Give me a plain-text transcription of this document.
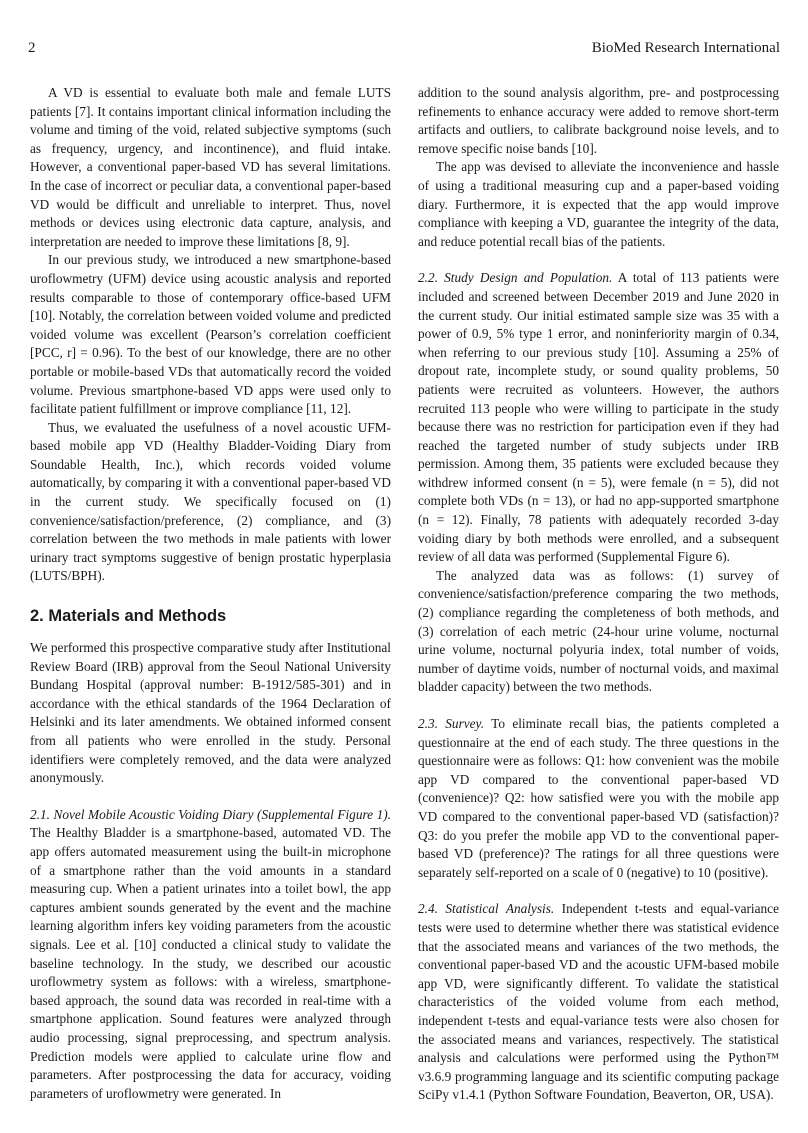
2	BioMed Research International

A VD is essential to evaluate both male and female LUTS patients [7]. It contains important clinical information including the volume and timing of the void, related subjective symptoms (such as frequency, urgency, and incontinence), and fluid intake. However, a conventional paper-based VD has several limitations. In the case of incorrect or peculiar data, a conventional paper-based VD would be difficult and unreliable to interpret. Thus, novel methods or devices using electronic data capture, analysis, and interpretation are needed to improve these limitations [8, 9].

In our previous study, we introduced a new smartphone-based uroflowmetry (UFM) device using acoustic analysis and reported results comparable to those of contemporary office-based UFM [10]. Notably, the correlation between voided volume and predicted voided volume was excellent (Pearson’s correlation coefficient [PCC, r] = 0.96). To the best of our knowledge, there are no other portable or mobile-based VDs that automatically record the voided volume. Previous smartphone-based VD apps were used only to facilitate patient fulfillment or improve compliance [11, 12].

Thus, we evaluated the usefulness of a novel acoustic UFM-based mobile app VD (Healthy Bladder-Voiding Diary from Soundable Health, Inc.), which records voided volume automatically, by comparing it with a conventional paper-based VD in the current study. We specifically focused on (1) convenience/satisfaction/preference, (2) compliance, and (3) correlation between the two methods in male patients with lower urinary tract symptoms suggestive of benign prostatic hyperplasia (LUTS/BPH).

2. Materials and Methods

We performed this prospective comparative study after Institutional Review Board (IRB) approval from the Seoul National University Bundang Hospital (approval number: B-1912/585-301) and in accordance with the ethical standards of the 1964 Declaration of Helsinki and its later amendments. We obtained informed consent from all patients who were enrolled in the study. Personal identifiers were completely removed, and the data were analyzed anonymously.

2.1. Novel Mobile Acoustic Voiding Diary (Supplemental Figure 1). The Healthy Bladder is a smartphone-based, automated VD. The app offers automated measurement using the built-in microphone of a smartphone rather than the void amounts in a standard measuring cup. When a patient urinates into a toilet bowl, the app captures ambient sounds generated by the event and the machine learning algorithm infers key voiding parameters from the acoustic signals. Lee et al. [10] conducted a clinical study to validate the baseline technology. In the study, we described our acoustic uroflowmetry system as follows: with a wireless, smartphone-based approach, the sound data was recorded in real-time with a smartphone application. Sound features were analyzed through audio processing, signal preprocessing, and spectrum analysis. Prediction models were applied to calculate urine flow and parameters. After postprocessing the data for accuracy, voiding parameters of uroflowmetry were generated. In

addition to the sound analysis algorithm, pre- and postprocessing refinements to enhance accuracy were added to remove short-term artifacts and outliers, to calibrate background noise levels, and to remove specific noise bands [10].

The app was devised to alleviate the inconvenience and hassle of using a traditional measuring cup and a paper-based voiding diary. Furthermore, it is expected that the app would improve compliance with keeping a VD, guarantee the integrity of the data, and reduce potential recall bias of the patients.

2.2. Study Design and Population. A total of 113 patients were included and screened between December 2019 and June 2020 in the current study. Our initial estimated sample size was 35 with a power of 0.9, 5% type 1 error, and noninferiority margin of 0.34, when referring to our previous study [10]. Assuming a 25% of dropout rate, incomplete study, or sound quality problems, 50 patients were recruited as volunteers. However, the authors recruited 113 people who were willing to participate in the study because there was no restriction for participation even if they had reached the targeted number of study subjects under IRB permission. Among them, 35 patients were excluded because they withdrew informed consent (n = 5), were female (n = 5), did not complete both VDs (n = 13), or had no app-supported smartphone (n = 12). Finally, 78 patients with adequately recorded 3-day voiding diary by both methods were enrolled, and a subsequent review of all data was performed (Supplemental Figure 6).

The analyzed data was as follows: (1) survey of convenience/satisfaction/preference comparing the two methods, (2) compliance regarding the completeness of both methods, and (3) correlation of each metric (24-hour urine volume, nocturnal urine volume, nocturnal polyuria index, total number of voids, number of daytime voids, number of nocturnal voids, and maximal bladder capacity) between the two methods.

2.3. Survey. To eliminate recall bias, the patients completed a questionnaire at the end of each study. The three questions in the questionnaire were as follows: Q1: how convenient was the mobile app VD compared to the conventional paper-based VD (convenience)? Q2: how satisfied were you with the mobile app VD compared to the conventional paper-based VD (satisfaction)? Q3: do you prefer the mobile app VD to the conventional paper-based VD (preference)? The ratings for all three questions were separately self-reported on a scale of 0 (negative) to 10 (positive).

2.4. Statistical Analysis. Independent t-tests and equal-variance tests were used to determine whether there was statistical evidence that the associated means and variances of the two methods, the conventional paper-based VD and the acoustic UFM-based mobile app VD, were significantly different. To validate the statistical characteristics of the voided volume from each method, independent t-tests and equal-variance tests were also chosen for the associated means and variances, respectively. The statistical analysis and calculations were performed using the Python™ v3.6.9 programming language and its scientific computing package SciPy v1.4.1 (Python Software Foundation, Beaverton, OR, USA).
